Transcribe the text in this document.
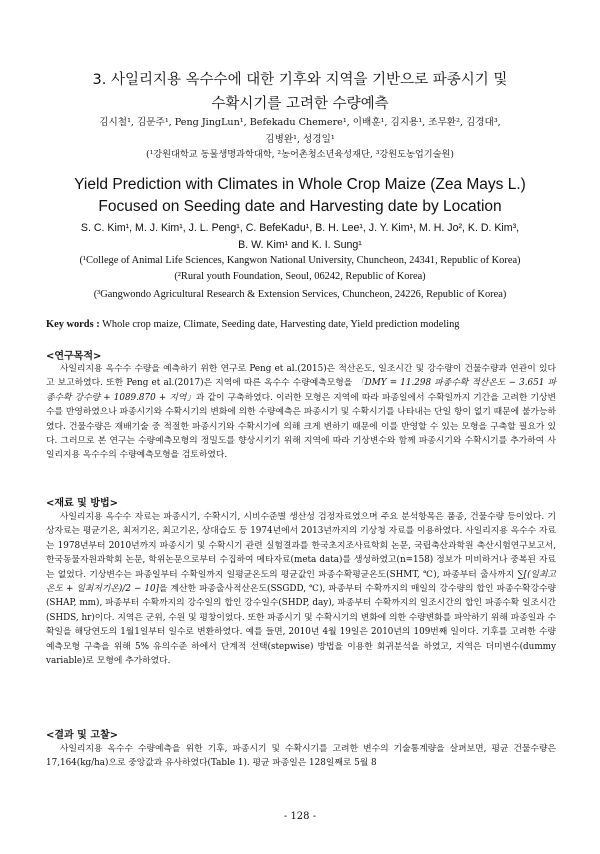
3. 사일리지용 옥수수에 대한 기후와 지역을 기반으로 파종시기 및
수확시기를 고려한 수량예측
김시철¹, 김문주¹, Peng JingLun¹, Befekadu Chemere¹, 이배훈¹, 김지용¹, 조무환², 김경대³,
김병완¹, 성경일¹
(¹강원대학교 동물생명과학대학, ²농어촌청소년육성재단, ³강원도농업기술원)
Yield Prediction with Climates in Whole Crop Maize (Zea Mays L.)
Focused on Seeding date and Harvesting date by Location
S. C. Kim¹, M. J. Kim¹, J. L. Peng¹, C. BefeKadu¹, B. H. Lee¹, J. Y. Kim¹, M. H. Jo², K. D. Kim³,
B. W. Kim¹ and K. I. Sung¹
(¹College of Animal Life Sciences, Kangwon National University, Chuncheon, 24341, Republic of Korea)
(²Rural youth Foundation, Seoul, 06242, Republic of Korea)
(³Gangwondo Agricultural Research & Extension Services, Chuncheon, 24226, Republic of Korea)
Key words : Whole crop maize, Climate, Seeding date, Harvesting date, Yield prediction modeling
<연구목적>

사일리지용 옥수수 수량을 예측하기 위한 연구로 Peng et al.(2015)은 적산온도, 일조시간 및 강수량이 건물수량과 연관이 있다고 보고하였다. 또한 Peng et al.(2017)은 지역에 따른 옥수수 수량예측모형을 「DMY = 11.298 파종수확 적산온도 − 3.651 파종수확 강수량 + 1089.870 + 지역」과 같이 구축하였다. 이러한 모형은 지역에 따라 파종일에서 수확일까지 기간을 고려한 기상변수를 반영하였으나 파종시기와 수확시기의 변화에 의한 수량예측은 파종시기 및 수확시기를 나타내는 단일 항이 없기 때문에 불가능하였다. 건물수량은 재배기술 중 적절한 파종시기와 수확시기에 의해 크게 변하기 때문에 이를 반영할 수 있는 모형을 구축할 필요가 있다. 그러므로 본 연구는 수량예측모형의 정밀도를 향상시키기 위해 지역에 따라 기상변수와 함께 파종시기와 수확시기를 추가하여 사일리지용 옥수수의 수량예측모형을 검토하였다.

<재료 및 방법>

사일리지용 옥수수 자료는 파종시기, 수확시기, 시비수준별 생산성 검정자료였으며 주요 분석항목은 품종, 건물수량 등이었다. 기상자료는 평균기온, 최저기온, 최고기온, 상대습도 등 1974년에서 2013년까지의 기상청 자료를 이용하였다. 사일리지용 옥수수 자료는 1978년부터 2010년까지 파종시기 및 수확시기 관련 실험결과를 한국초지조사료학회 논문, 국립축산과학원 축산시험연구보고서, 한국동물자원과학회 논문, 학위논문으로부터 수집하여 메타자료(meta data)를 생성하였고(n=158) 정보가 미비하거나 중복된 자료는 없었다. 기상변수는 파종일부터 수확일까지 일평균온도의 평균값인 파종수확평균온도(SHMT, ℃), 파종부터 출사까지 ∑[(일최고온도 + 일최저기온)/2 − 10]을 계산한 파종출사적산온도(SSGDD, ℃), 파종부터 수확까지의 매일의 강수량의 합인 파종수확강수량(SHAP, mm), 파종부터 수확까지의 강수일의 합인 강수일수(SHDP, day), 파종부터 수확까지의 일조시간의 합인 파종수확 일조시간(SHDS, hr)이다. 지역은 군위, 수원 및 평창이었다. 또한 파종시기 및 수확시기의 변화에 의한 수량변화를 파악하기 위해 파종일과 수확일을 해당연도의 1월1일부터 일수로 변환하였다. 예를 들면, 2010년 4월 19일은 2010년의 109번째 일이다. 기후를 고려한 수량예측모형 구축을 위해 5% 유의수준 하에서 단계적 선택(stepwise) 방법을 이용한 회귀분석을 하였고, 지역은 더미변수(dummy variable)로 모형에 추가하였다.

<결과 및 고찰>

사일리지용 옥수수 수량예측을 위한 기후, 파종시기 및 수확시기를 고려한 변수의 기술통계량을 살펴보면, 평균 건물수량은 17,164(kg/ha)으로 중앙값과 유사하였다(Table 1). 평균 파종일은 128일째로 5월 8

- 128 -
